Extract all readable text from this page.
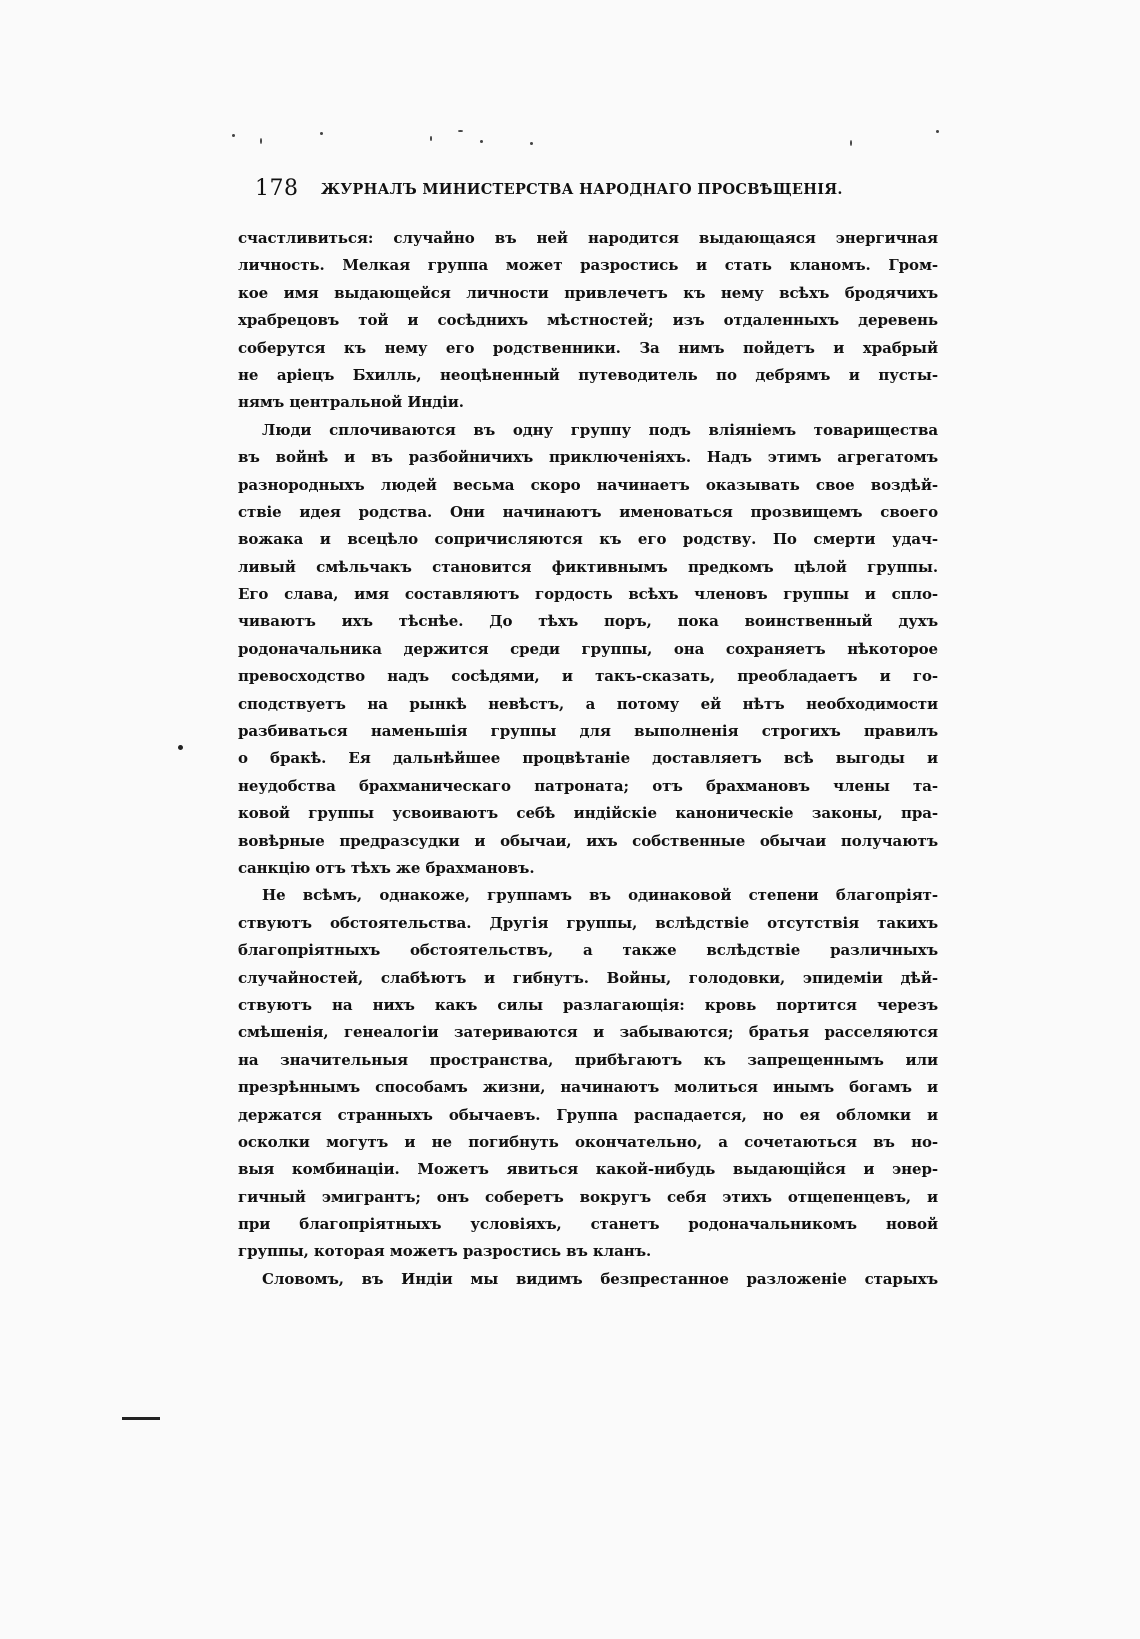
178 ЖУРНАЛЪ МИНИСТЕРСТВА НАРОДНАГО ПРОСВѢЩЕНІЯ.
счастливиться: случайно въ ней народится выдающаяся энергичная
личность. Мелкая группа может разростись и стать кланомъ. Гром-
кое имя выдающейся личности привлечетъ къ нему всѣхъ бродячихъ
храбрецовъ той и сосѣднихъ мѣстностей; изъ отдаленныхъ деревень
соберутся къ нему его родственники. За нимъ пойдетъ и храбрый
не аріецъ Бхилль, неоцѣненный путеводитель по дебрямъ и пусты-
нямъ центральной Индіи.
Люди сплочиваются въ одну группу подъ вліяніемъ товарищества
въ войнѣ и въ разбойничихъ приключеніяхъ. Надъ этимъ агрегатомъ
разнородныхъ людей весьма скоро начинаетъ оказывать свое воздѣй-
ствіе идея родства. Они начинаютъ именоваться прозвищемъ своего
вожака и всецѣло сопричисляются къ его родству. По смерти удач-
ливый смѣльчакъ становится фиктивнымъ предкомъ цѣлой группы.
Его слава, имя составляютъ гордость всѣхъ членовъ группы и спло-
чиваютъ ихъ тѣснѣе. До тѣхъ поръ, пока воинственный духъ
родоначальника держится среди группы, она сохраняетъ нѣкоторое
превосходство надъ сосѣдями, и такъ-сказать, преобладаетъ и го-
сподствуетъ на рынкѣ невѣстъ, а потому ей нѣтъ необходимости
разбиваться наменьшія группы для выполненія строгихъ правилъ
о бракѣ. Ея дальнѣйшее процвѣтаніе доставляетъ всѣ выгоды и
неудобства брахманическаго патроната; отъ брахмановъ члены та-
ковой группы усвоиваютъ себѣ индійскіе каноническіе законы, пра-
вовѣрные предразсудки и обычаи, ихъ собственные обычаи получаютъ
санкцію отъ тѣхъ же брахмановъ.
Не всѣмъ, однакоже, группамъ въ одинаковой степени благопріят-
ствуютъ обстоятельства. Другія группы, вслѣдствіе отсутствія такихъ
благопріятныхъ обстоятельствъ, а также вслѣдствіе различныхъ
случайностей, слабѣютъ и гибнутъ. Войны, голодовки, эпидеміи дѣй-
ствуютъ на нихъ какъ силы разлагающія: кровь портится черезъ
смѣшенія, генеалогіи затериваются и забываются; братья расселяются
на значительныя пространства, прибѣгаютъ къ запрещеннымъ или
презрѣннымъ способамъ жизни, начинаютъ молиться инымъ богамъ и
держатся странныхъ обычаевъ. Группа распадается, но ея обломки и
осколки могутъ и не погибнуть окончательно, а сочетаються въ но-
выя комбинаціи. Можетъ явиться какой-нибудь выдающійся и энер-
гичный эмигрантъ; онъ соберетъ вокругъ себя этихъ отщепенцевъ, и
при благопріятныхъ условіяхъ, станетъ родоначальникомъ новой
группы, которая можетъ разростись въ кланъ.
Словомъ, въ Индіи мы видимъ безпрестанное разложеніе старыхъ
